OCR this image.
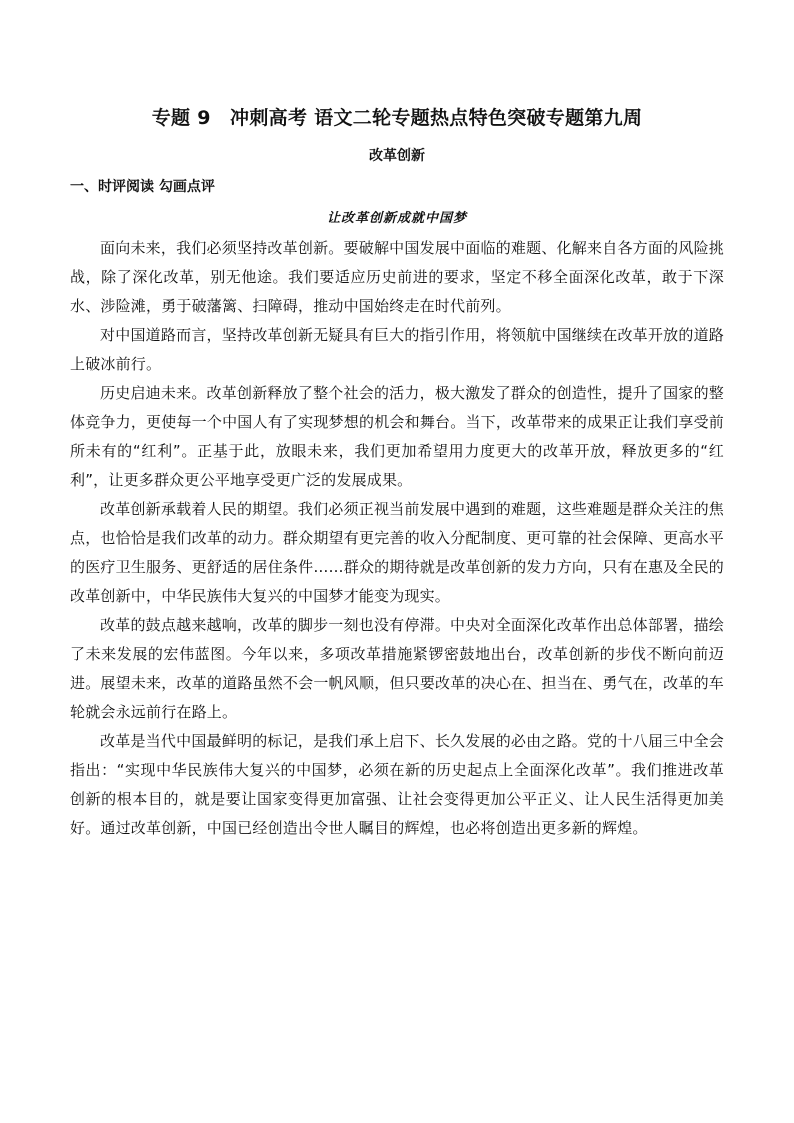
专题 9　冲刺高考 语文二轮专题热点特色突破专题第九周
改革创新
一、时评阅读 勾画点评
让改革创新成就中国梦

面向未来，我们必须坚持改革创新。要破解中国发展中面临的难题、化解来自各方面的风险挑战，除了深化改革，别无他途。我们要适应历史前进的要求，坚定不移全面深化改革，敢于下深水、涉险滩，勇于破藩篱、扫障碍，推动中国始终走在时代前列。

对中国道路而言，坚持改革创新无疑具有巨大的指引作用，将领航中国继续在改革开放的道路上破冰前行。

历史启迪未来。改革创新释放了整个社会的活力，极大激发了群众的创造性，提升了国家的整体竞争力，更使每一个中国人有了实现梦想的机会和舞台。当下，改革带来的成果正让我们享受前所未有的“红利”。正基于此，放眼未来，我们更加希望用力度更大的改革开放，释放更多的“红利”，让更多群众更公平地享受更广泛的发展成果。

改革创新承载着人民的期望。我们必须正视当前发展中遇到的难题，这些难题是群众关注的焦点，也恰恰是我们改革的动力。群众期望有更完善的收入分配制度、更可靠的社会保障、更高水平的医疗卫生服务、更舒适的居住条件……群众的期待就是改革创新的发力方向，只有在惠及全民的改革创新中，中华民族伟大复兴的中国梦才能变为现实。

改革的鼓点越来越响，改革的脚步一刻也没有停滞。中央对全面深化改革作出总体部署，描绘了未来发展的宏伟蓝图。今年以来，多项改革措施紧锣密鼓地出台，改革创新的步伐不断向前迈进。展望未来，改革的道路虽然不会一帆风顺，但只要改革的决心在、担当在、勇气在，改革的车轮就会永远前行在路上。

改革是当代中国最鲜明的标记，是我们承上启下、长久发展的必由之路。党的十八届三中全会指出：“实现中华民族伟大复兴的中国梦，必须在新的历史起点上全面深化改革”。我们推进改革创新的根本目的，就是要让国家变得更加富强、让社会变得更加公平正义、让人民生活得更加美好。通过改革创新，中国已经创造出令世人瞩目的辉煌，也必将创造出更多新的辉煌。
